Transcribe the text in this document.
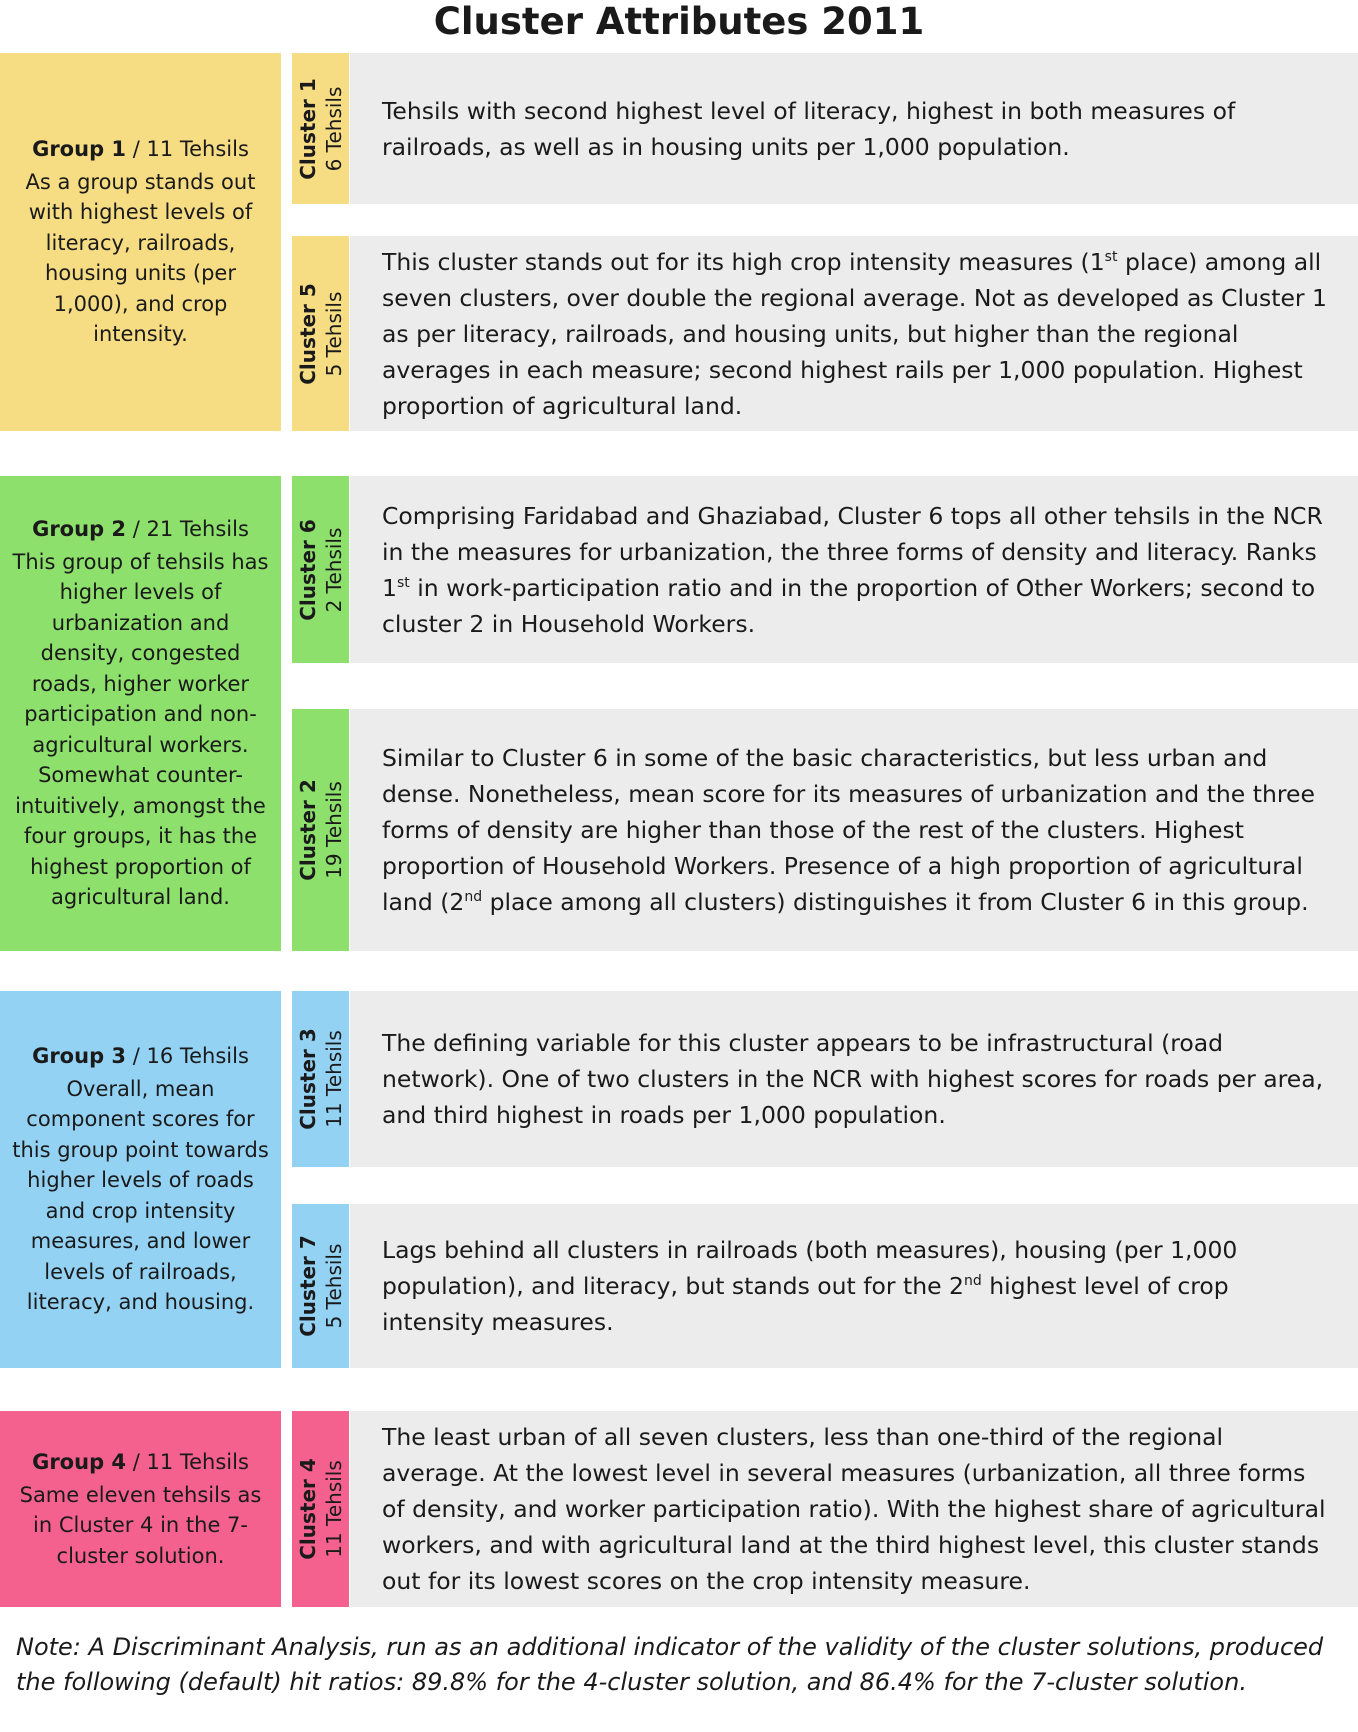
Cluster Attributes 2011
Group 1 / 11 Tehsils
As a group stands out with highest levels of literacy, railroads, housing units (per 1,000), and crop intensity.
Cluster 1 6 Tehsils Tehsils with second highest level of literacy, highest in both measures of railroads, as well as in housing units per 1,000 population.

Cluster 5 5 Tehsils

This cluster stands out for its high crop intensity measures (1st place) among all seven clusters, over double the regional average. Not as developed as Cluster 1 as per literacy, railroads, and housing units, but higher than the regional averages in each measure; second highest rails per 1,000 population. Highest proportion of agricultural land.

Group 2 / 21 Tehsils
This group of tehsils has higher levels of urbanization and density, congested roads, higher worker participation and non-agricultural workers. Somewhat counter-intuitively, amongst the four groups, it has the highest proportion of agricultural land.
Cluster 6 2 Tehsils

Comprising Faridabad and Ghaziabad, Cluster 6 tops all other tehsils in the NCR in the measures for urbanization, the three forms of density and literacy. Ranks 1st in work-participation ratio and in the proportion of Other Workers; second to cluster 2 in Household Workers.

Cluster 2 19 Tehsils

Similar to Cluster 6 in some of the basic characteristics, but less urban and dense. Nonetheless, mean score for its measures of urbanization and the three forms of density are higher than those of the rest of the clusters. Highest proportion of Household Workers. Presence of a high proportion of agricultural land (2nd place among all clusters) distinguishes it from Cluster 6 in this group.

Group 3 / 16 Tehsils
Overall, mean component scores for this group point towards higher levels of roads and crop intensity measures, and lower levels of railroads, literacy, and housing.
Cluster 3 11 Tehsils The defining variable for this cluster appears to be infrastructural (road network). One of two clusters in the NCR with highest scores for roads per area, and third highest in roads per 1,000 population.

Cluster 7 5 Tehsils Lags behind all clusters in railroads (both measures), housing (per 1,000 population), and literacy, but stands out for the 2nd highest level of crop intensity measures.

Group 4 / 11 Tehsils
Same eleven tehsils as in Cluster 4 in the 7-cluster solution.	Cluster 4 11 Tehsils

The least urban of all seven clusters, less than one-third of the regional average. At the lowest level in several measures (urbanization, all three forms of density, and worker participation ratio). With the highest share of agricultural workers, and with agricultural land at the third highest level, this cluster stands out for its lowest scores on the crop intensity measure.

Note: A Discriminant Analysis, run as an additional indicator of the validity of the cluster solutions, produced the following (default) hit ratios: 89.8% for the 4-cluster solution, and 86.4% for the 7-cluster solution.
